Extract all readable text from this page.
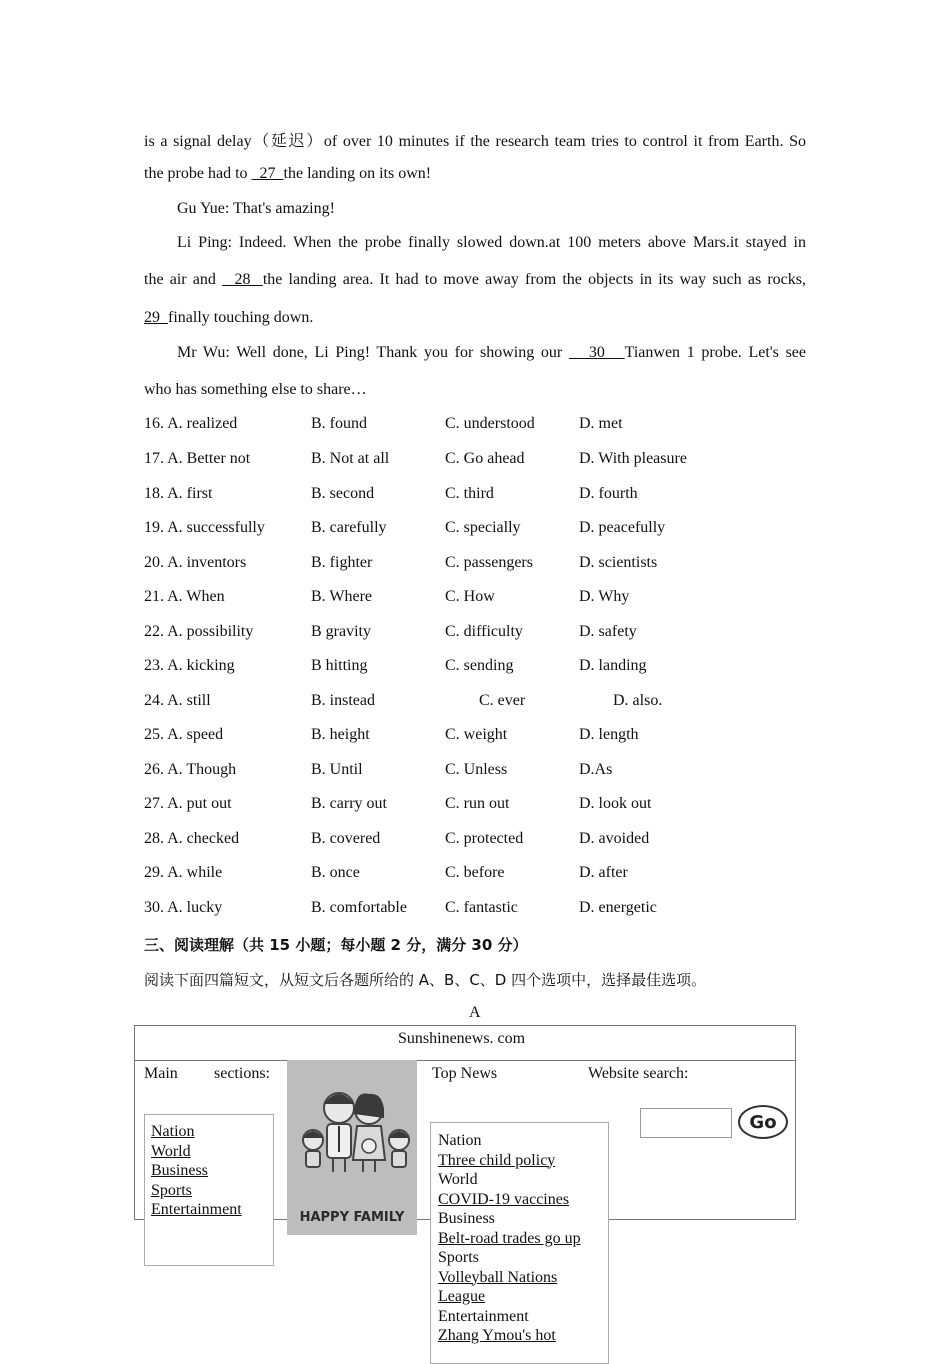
is a signal delay（延迟）of over 10 minutes if the research team tries to control it from Earth. So
the probe had to   27  the landing on its own!
Gu Yue: That's amazing!
Li Ping: Indeed. When the probe finally slowed down.at 100 meters above Mars.it stayed in
the air and   28  the landing area. It had to move away from the objects in its way such as rocks,
29  finally touching down.
Mr Wu: Well done, Li Ping! Thank you for showing our    30   Tianwen 1 probe. Let's see
who has something else to share…
16. A. realized	B. found	C. understood	D. met
17. A. Better not	B. Not at all	C. Go ahead	D. With pleasure
18. A. first	B. second	C. third	D. fourth
19. A. successfully	B. carefully	C. specially	D. peacefully
20. A. inventors	B. fighter	C. passengers	D. scientists
21. A. When	B. Where	C. How	D. Why
22. A. possibility	B gravity	C. difficulty	D. safety
23. A. kicking	B hitting	C. sending	D. landing
24. A. still	B. instead	C. ever	D. also.
25. A. speed	B. height	C. weight	D. length
26. A. Though	B. Until	C. Unless	D.As
27. A. put out	B. carry out	C. run out	D. look out
28. A. checked	B. covered	C. protected	D. avoided
29. A. while	B. once	C. before	D. after
30. A. lucky	B. comfortable C. fantastic	D. energetic
三、阅读理解（共 15 小题；每小题 2 分，满分 30 分）
阅读下面四篇短文，从短文后各题所给的 A、B、C、D 四个选项中，选择最佳选项。
A
Sunshinenews. com
Main sections:	Top News	Website search:
Nation
World
Business
Sports
Entertainment	HAPPY FAMILY
Nation
Three child policy
World
COVID-19 vaccines
Business
Belt-road trades go up
Sports
Volleyball Nations
League
Entertainment
Zhang Ymou's hot
Go
